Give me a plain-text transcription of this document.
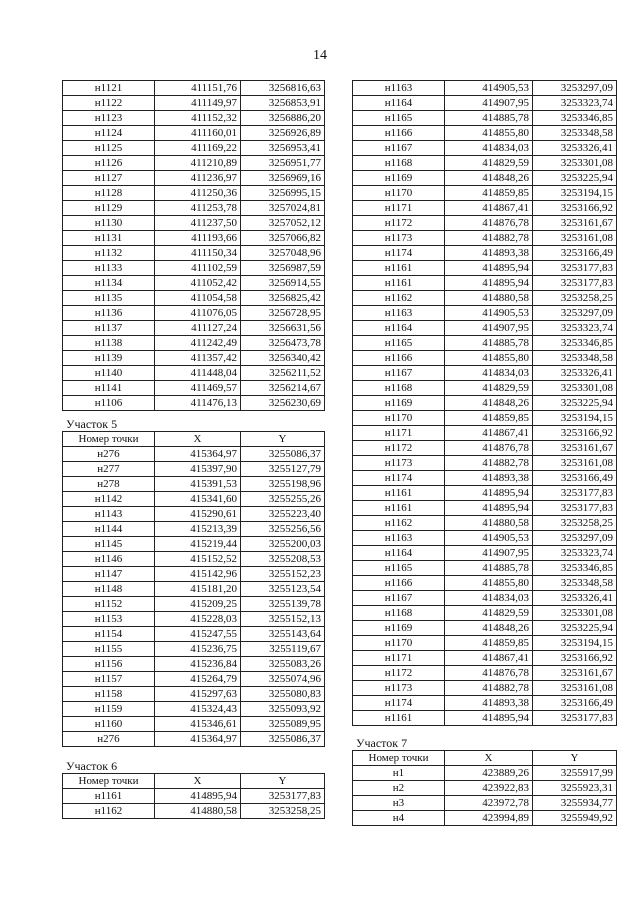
14
н1121	411151,76	3256816,63
н1122	411149,97	3256853,91
н1123	411152,32	3256886,20
н1124	411160,01	3256926,89
н1125	411169,22	3256953,41
н1126	411210,89	3256951,77
н1127	411236,97	3256969,16
н1128	411250,36	3256995,15
н1129	411253,78	3257024,81
н1130	411237,50	3257052,12
н1131	411193,66	3257066,82
н1132	411150,34	3257048,96
н1133	411102,59	3256987,59
н1134	411052,42	3256914,55
н1135	411054,58	3256825,42
н1136	411076,05	3256728,95
н1137	411127,24	3256631,56
н1138	411242,49	3256473,78
н1139	411357,42	3256340,42
н1140	411448,04	3256211,52
н1141	411469,57	3256214,67
н1106	411476,13	3256230,69
Участок 5
Номер точки	X	Y
н276	415364,97	3255086,37
н277	415397,90	3255127,79
н278	415391,53	3255198,96
н1142	415341,60	3255255,26
н1143	415290,61	3255223,40
н1144	415213,39	3255256,56
н1145	415219,44	3255200,03
н1146	415152,52	3255208,53
н1147	415142,96	3255152,23
н1148	415181,20	3255123,54
н1152	415209,25	3255139,78
н1153	415228,03	3255152,13
н1154	415247,55	3255143,64
н1155	415236,75	3255119,67
н1156	415236,84	3255083,26
н1157	415264,79	3255074,96
н1158	415297,63	3255080,83
н1159	415324,43	3255093,92
н1160	415346,61	3255089,95
н276	415364,97	3255086,37
Участок 6
Номер точки	X	Y
н1161	414895,94	3253177,83
н1162	414880,58	3253258,25
н1163	414905,53	3253297,09
н1164	414907,95	3253323,74
н1165	414885,78	3253346,85
н1166	414855,80	3253348,58
н1167	414834,03	3253326,41
н1168	414829,59	3253301,08
н1169	414848,26	3253225,94
н1170	414859,85	3253194,15
н1171	414867,41	3253166,92
н1172	414876,78	3253161,67
н1173	414882,78	3253161,08
н1174	414893,38	3253166,49
н1161	414895,94	3253177,83
н1161	414895,94	3253177,83
н1162	414880,58	3253258,25
н1163	414905,53	3253297,09
н1164	414907,95	3253323,74
н1165	414885,78	3253346,85
н1166	414855,80	3253348,58
н1167	414834,03	3253326,41
н1168	414829,59	3253301,08
н1169	414848,26	3253225,94
н1170	414859,85	3253194,15
н1171	414867,41	3253166,92
н1172	414876,78	3253161,67
н1173	414882,78	3253161,08
н1174	414893,38	3253166,49
н1161	414895,94	3253177,83
н1161	414895,94	3253177,83
н1162	414880,58	3253258,25
н1163	414905,53	3253297,09
н1164	414907,95	3253323,74
н1165	414885,78	3253346,85
н1166	414855,80	3253348,58
н1167	414834,03	3253326,41
н1168	414829,59	3253301,08
н1169	414848,26	3253225,94
н1170	414859,85	3253194,15
н1171	414867,41	3253166,92
н1172	414876,78	3253161,67
н1173	414882,78	3253161,08
н1174	414893,38	3253166,49
н1161	414895,94	3253177,83
Участок 7
Номер точки	X	Y
н1	423889,26	3255917,99
н2	423922,83	3255923,31
н3	423972,78	3255934,77
н4	423994,89	3255949,92
